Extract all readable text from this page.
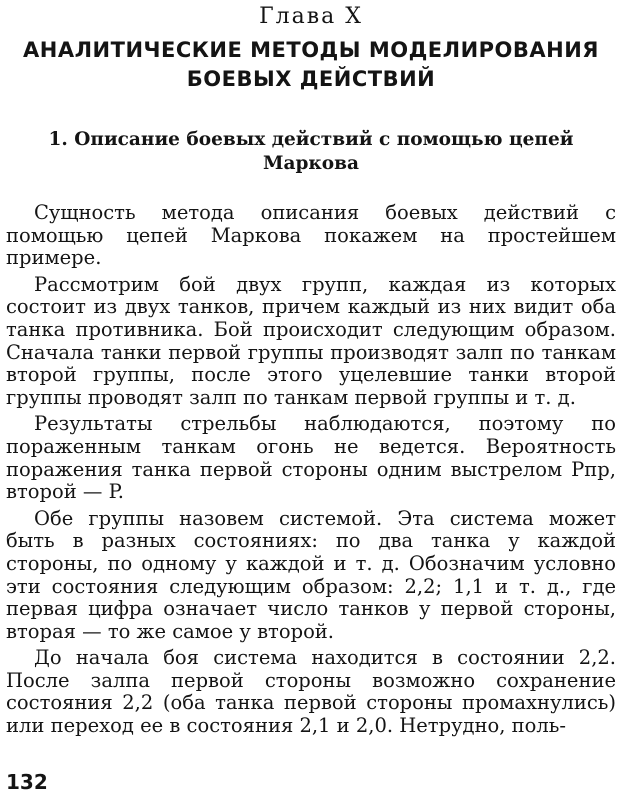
Глава X
АНАЛИТИЧЕСКИЕ МЕТОДЫ МОДЕЛИРОВАНИЯ
БОЕВЫХ ДЕЙСТВИЙ
1. Описание боевых действий с помощью цепей
Маркова

Сущность метода описания боевых действий с помощью цепей Маркова покажем на простейшем примере.

Рассмотрим бой двух групп, каждая из которых состоит из двух танков, причем каждый из них видит оба танка противника. Бой происходит следующим образом. Сначала танки первой группы производят залп по танкам второй группы, после этого уцелевшие танки второй группы проводят залп по танкам первой группы и т. д.

Результаты стрельбы наблюдаются, поэтому по пораженным танкам огонь не ведется. Вероятность поражения танка первой стороны одним выстрелом Pпр, второй — P.

Обе группы назовем системой. Эта система может быть в разных состояниях: по два танка у каждой стороны, по одному у каждой и т. д. Обозначим условно эти состояния следующим образом: 2,2; 1,1 и т. д., где первая цифра означает число танков у первой стороны, вторая — то же самое у второй.

До начала боя система находится в состоянии 2,2. После залпа первой стороны возможно сохранение состояния 2,2 (оба танка первой стороны промахнулись) или переход ее в состояния 2,1 и 2,0. Нетрудно, поль-

132
